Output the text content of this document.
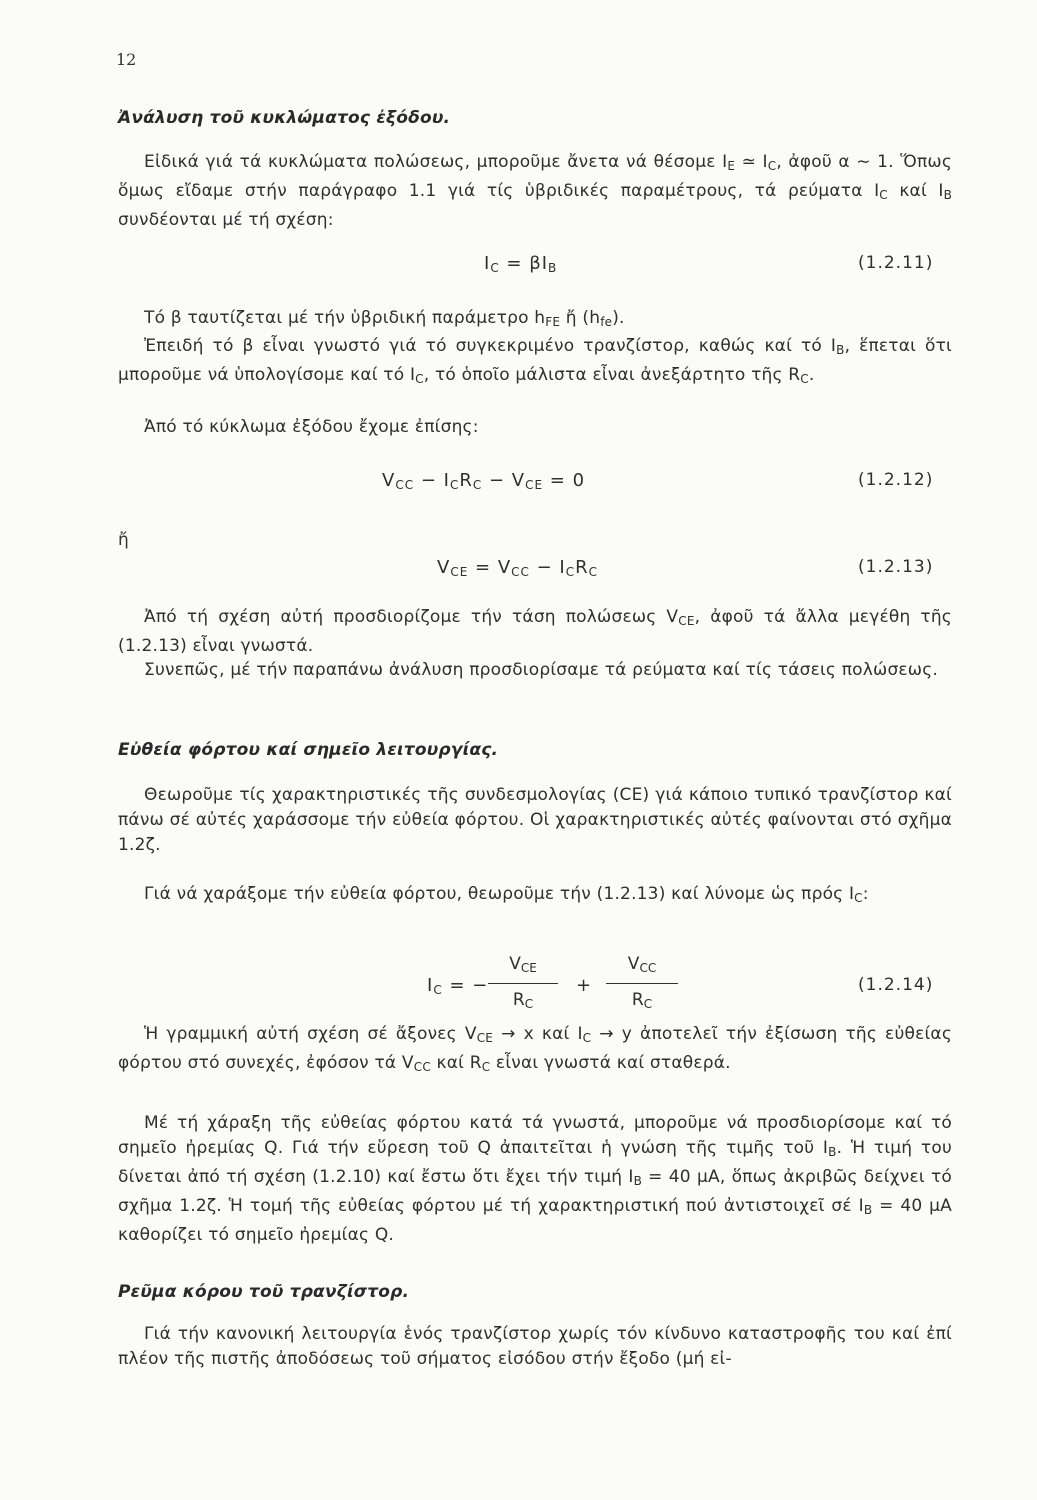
12
Ἀνάλυση τοῦ κυκλώματος ἐξόδου.
Εἰδικά γιά τά κυκλώματα πολώσεως, μποροῦμε ἄνετα νά θέσομε $I_E$ ≃ $I_C$, ἀφοῦ α ∼ 1. Ὅπως ὅμως εἴδαμε στήν παράγραφο 1.1 γιά τίς ὑβριδικές παραμέτρους, τά ρεύματα $I_C$ καί $I_B$ συνδέονται μέ τή σχέση:
$I_C = \beta I_B$	(1.2.11)
Τό β ταυτίζεται μέ τήν ὑβριδική παράμετρο $h_{FE}$ ἤ $(h_{fe})$.
Ἐπειδή τό β εἶναι γνωστό γιά τό συγκεκριμένο τρανζίστορ, καθώς καί τό $I_B$, ἕπεται ὅτι μποροῦμε νά ὑπολογίσομε καί τό $I_C$, τό ὁποῖο μάλιστα εἶναι ἀνεξάρτητο τῆς $R_C$.
Ἀπό τό κύκλωμα ἐξόδου ἔχομε ἐπίσης:
$V_{CC} - I_CR_C - V_{CE} = 0$	(1.2.12)
ἤ
$V_{CE} = V_{CC} - I_CR_C$	(1.2.13)
Ἀπό τή σχέση αὐτή προσδιορίζομε τήν τάση πολώσεως $V_{CE}$, ἀφοῦ τά ἄλλα μεγέθη τῆς (1.2.13) εἶναι γνωστά.
Συνεπῶς, μέ τήν παραπάνω ἀνάλυση προσδιορίσαμε τά ρεύματα καί τίς τάσεις πολώσεως.
Εὐθεία φόρτου καί σημεῖο λειτουργίας.
Θεωροῦμε τίς χαρακτηριστικές τῆς συνδεσμολογίας (CE) γιά κάποιο τυπικό τρανζίστορ καί πάνω σέ αὐτές χαράσσομε τήν εὐθεία φόρτου. Οἱ χαρακτηριστικές αὐτές φαίνονται στό σχῆμα 1.2ζ.
Γιά νά χαράξομε τήν εὐθεία φόρτου, θεωροῦμε τήν (1.2.13) καί λύνομε ὡς πρός $I_C$:
$I_C$ = −
$V_{CE}$
$R_C$
+
$V_{CC}$
$R_C$
(1.2.14)
Ἡ γραμμική αὐτή σχέση σέ ἄξονες $V_{CE} \to x$ καί $I_C \to y$ ἀποτελεῖ τήν ἐξίσωση τῆς εὐθείας φόρτου στό συνεχές, ἐφόσον τά $V_{CC}$ καί $R_C$ εἶναι γνωστά καί σταθερά.
Μέ τή χάραξη τῆς εὐθείας φόρτου κατά τά γνωστά, μποροῦμε νά προσδιορίσομε καί τό σημεῖο ἠρεμίας Q. Γιά τήν εὕρεση τοῦ Q ἀπαιτεῖται ἡ γνώση τῆς τιμῆς τοῦ $I_B$. Ἡ τιμή του δίνεται ἀπό τή σχέση (1.2.10) καί ἔστω ὅτι ἔχει τήν τιμή $I_B = 40$ μA, ὅπως ἀκριβῶς δείχνει τό σχῆμα 1.2ζ. Ἡ τομή τῆς εὐθείας φόρτου μέ τή χαρακτηριστική πού ἀντιστοιχεῖ σέ $I_B = 40$ μA καθορίζει τό σημεῖο ἠρεμίας Q.
Ρεῦμα κόρου τοῦ τρανζίστορ.
Γιά τήν κανονική λειτουργία ἑνός τρανζίστορ χωρίς τόν κίνδυνο καταστροφῆς του καί ἐπί πλέον τῆς πιστῆς ἀποδόσεως τοῦ σήματος εἰσόδου στήν ἔξοδο (μή εἰ-
